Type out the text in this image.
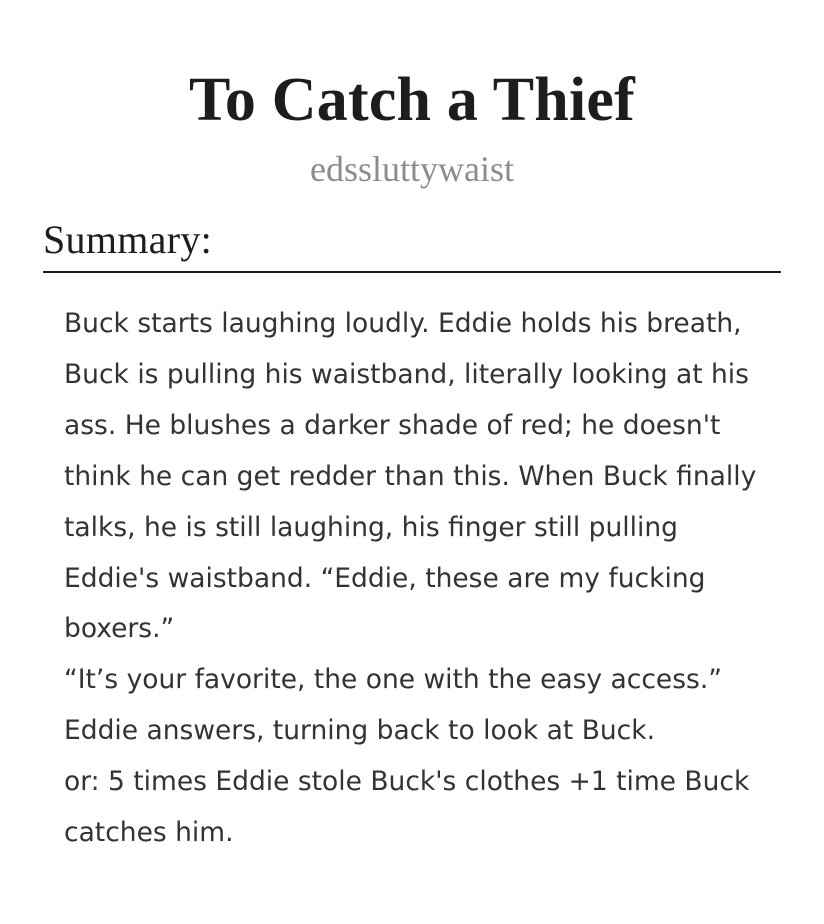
To Catch a Thief
edssluttywaist
Summary:

Buck starts laughing loudly. Eddie holds his breath, Buck is pulling his waistband, literally looking at his ass. He blushes a darker shade of red; he doesn't think he can get redder than this. When Buck finally talks, he is still laughing, his finger still pulling Eddie's waistband. “Eddie, these are my fucking boxers.”

“It’s your favorite, the one with the easy access.” Eddie answers, turning back to look at Buck.

or: 5 times Eddie stole Buck's clothes +1 time Buck catches him.
